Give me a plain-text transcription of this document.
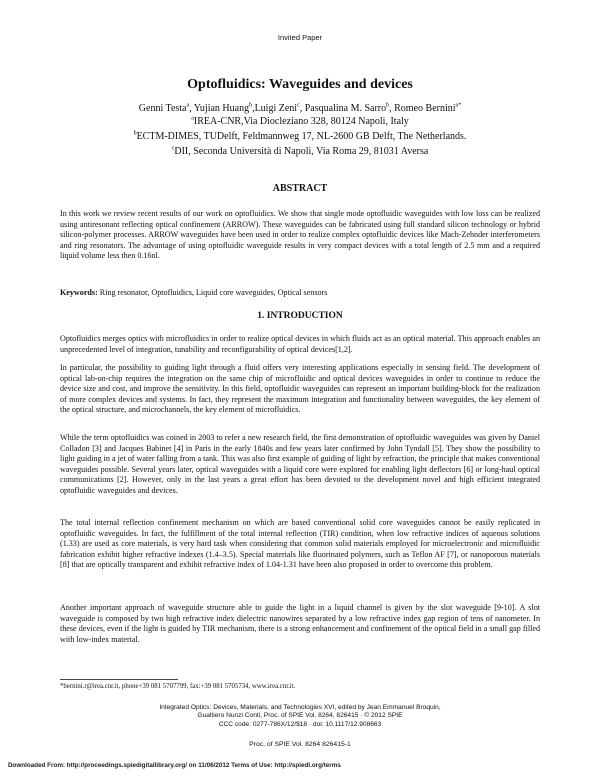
Invited Paper
Optofluidics: Waveguides and devices
Genni Testa$^a$, Yujian Huang$^b$,Luigi Zeni$^c$, Pasqualina M. Sarro$^b$, Romeo Bernini$^{a*}$
$^a$IREA-CNR,Via Diocleziano 328, 80124 Napoli, Italy
$^b$ECTM-DIMES, TUDelft, Feldmannweg 17, NL-2600 GB Delft, The Netherlands.
$^c$DII, Seconda Università di Napoli, Via Roma 29, 81031 Aversa
ABSTRACT

In this work we review recent results of our work on optofluidics. We show that single mode optofluidic waveguides with low loss can be realized using antiresonant reflecting optical confinement (ARROW). These waveguides can be fabricated using full standard silicon technology or hybrid silicon-polymer processes. ARROW waveguides have been used in order to realize complex optofluidic devices like Mach-Zehnder interferometers and ring resonators. The advantage of using optofluidic waveguide results in very compact devices with a total length of 2.5 mm and a required liquid volume less then 0.16nl.

Keywords: Ring resonator, Optofluidics, Liquid core waveguides, Optical sensors
1. INTRODUCTION

Optofluidics merges optics with microfluidics in order to realize optical devices in which fluids act as an optical material. This approach enables an unprecedented level of integration, tunability and reconfigurability of optical devices[1,2].

In particular, the possibility to guiding light through a fluid offers very interesting applications especially in sensing field. The development of optical lab-on-chip requires the integration on the same chip of microfluidic and optical devices waveguides in order to continue to reduce the device size and cost, and improve the sensitivity. In this field, optofluidic waveguides can represent an important building-block for the realization of more complex devices and systems. In fact, they represent the maximum integration and functionality between waveguides, the key element of the optical structure, and microchannels, the key element of microfluidics.

While the term optofluidics was coined in 2003 to refer a new research field, the first demonstration of optofluidic waveguides was given by Daniel Colladon [3] and Jacques Babinet [4] in Paris in the early 1840s and few years later confirmed by John Tyndall [5]. They show the possibility to light guiding in a jet of water falling from a tank. This was also first example of guiding of light by refraction, the principle that makes conventional waveguides possible. Several years later, optical waveguides with a liquid core were explored for enabling light deflectors [6] or long-haul optical communications [2]. However, only in the last years a great effort has been devoted to the development novel and high efficient integrated optofluidic waveguides and devices.

The total internal reflection confinement mechanism on which are based conventional solid core waveguides cannot be easily replicated in optofluidic waveguides. In fact, the fulfillment of the total internal reflection (TIR) condition, when low refractive indices of aqueous solutions (1.33) are used as core materials, is very hard task when considering that common solid materials employed for microelectronic and microfluidic fabrication exhibit higher refractive indexes (1.4–3.5). Special materials like fluorinated polymers, such as Teflon AF [7], or nanoporous materials [8] that are optically transparent and exhibit refractive index of 1.04-1.31 have been also proposed in order to overcome this problem.

Another important approach of waveguide structure able to guide the light in a liquid channel is given by the slot waveguide [9-10]. A slot waveguide is composed by two high refractive index dielectric nanowires separated by a low refractive index gap region of tens of nanometer. In these devices, even if the light is guided by TIR mechanism, there is a strong enhancement and confinement of the optical field in a small gap filled with low-index material.

*bernini.r@irea.cnr.it, phone+39 081 5707799, fax:+39 081 5705734, www.irea.cnr.it.
Integrated Optics: Devices, Materials, and Technologies XVI, edited by Jean Emmanuel Broquin,
Gualtiero Nunzi Conti, Proc. of SPIE Vol. 8264, 826415 · © 2012 SPIE
CCC code: 0277-786X/12/$18 · doi: 10.1117/12.908663
Proc. of SPIE Vol. 8264 826415-1
Downloaded From: http://proceedings.spiedigitallibrary.org/ on 11/06/2012 Terms of Use: http://spiedl.org/terms
